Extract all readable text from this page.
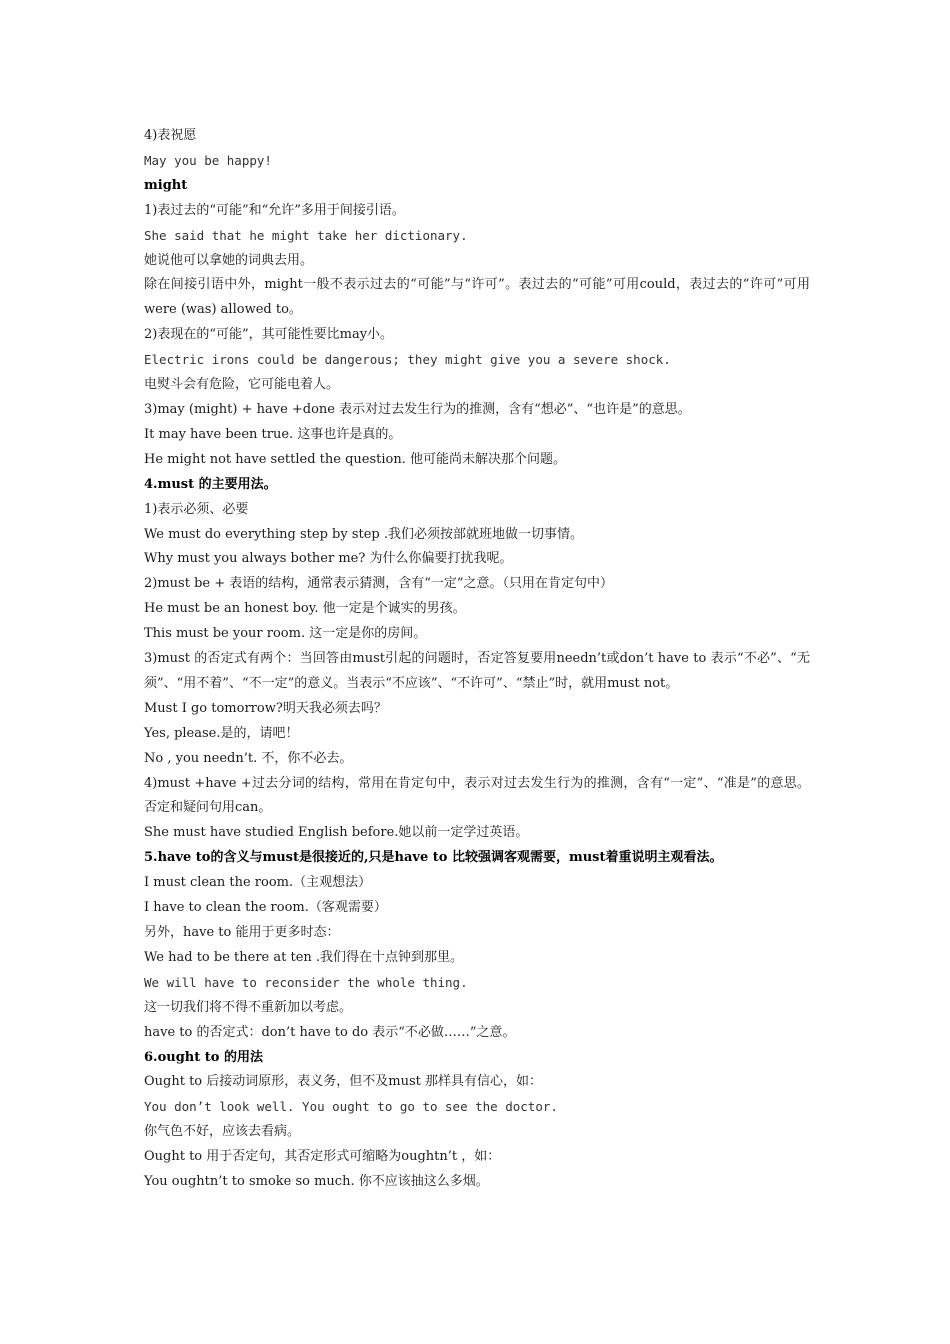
4)表祝愿

May you be happy!

might

1)表过去的“可能”和“允许”多用于间接引语。

She said that he might take her dictionary.

她说他可以拿她的词典去用。

除在间接引语中外，might一般不表示过去的“可能”与“许可”。表过去的“可能”可用could，表过去的“许可”可用were (was) allowed to。

2)表现在的“可能”，其可能性要比may小。

Electric irons could be dangerous; they might give you a severe shock.

电熨斗会有危险，它可能电着人。

3)may (might) + have +done 表示对过去发生行为的推测，含有“想必”、“也许是”的意思。

It may have been true. 这事也许是真的。

He might not have settled the question. 他可能尚未解决那个问题。

4.must 的主要用法。

1)表示必须、必要

We must do everything step by step .我们必须按部就班地做一切事情。

Why must you always bother me? 为什么你偏要打扰我呢。

2)must be + 表语的结构，通常表示猜测，含有“一定”之意。（只用在肯定句中）

He must be an honest boy. 他一定是个诚实的男孩。

This must be your room. 这一定是你的房间。

3)must 的否定式有两个：当回答由must引起的问题时，否定答复要用needn’t或don’t have to 表示“不必”、“无须”、“用不着”、“不一定”的意义。当表示“不应该”、“不许可”、“禁止”时，就用must not。

Must I go tomorrow?明天我必须去吗？

Yes, please.是的，请吧！

No , you needn’t. 不，你不必去。

4)must +have +过去分词的结构，常用在肯定句中，表示对过去发生行为的推测，含有“一定”、“准是”的意思。否定和疑问句用can。

She must have studied English before.她以前一定学过英语。

5.have to的含义与must是很接近的,只是have to 比较强调客观需要，must着重说明主观看法。

I must clean the room.（主观想法）

I have to clean the room.（客观需要）

另外，have to 能用于更多时态：

We had to be there at ten .我们得在十点钟到那里。

We will have to reconsider the whole thing.

这一切我们将不得不重新加以考虑。

have to 的否定式：don’t have to do 表示“不必做……”之意。

6.ought to 的用法

Ought to 后接动词原形，表义务，但不及must 那样具有信心，如：

You don’t look well. You ought to go to see the doctor.

你气色不好，应该去看病。

Ought to 用于否定句，其否定形式可缩略为oughtn’t ，如：

You oughtn’t to smoke so much. 你不应该抽这么多烟。
